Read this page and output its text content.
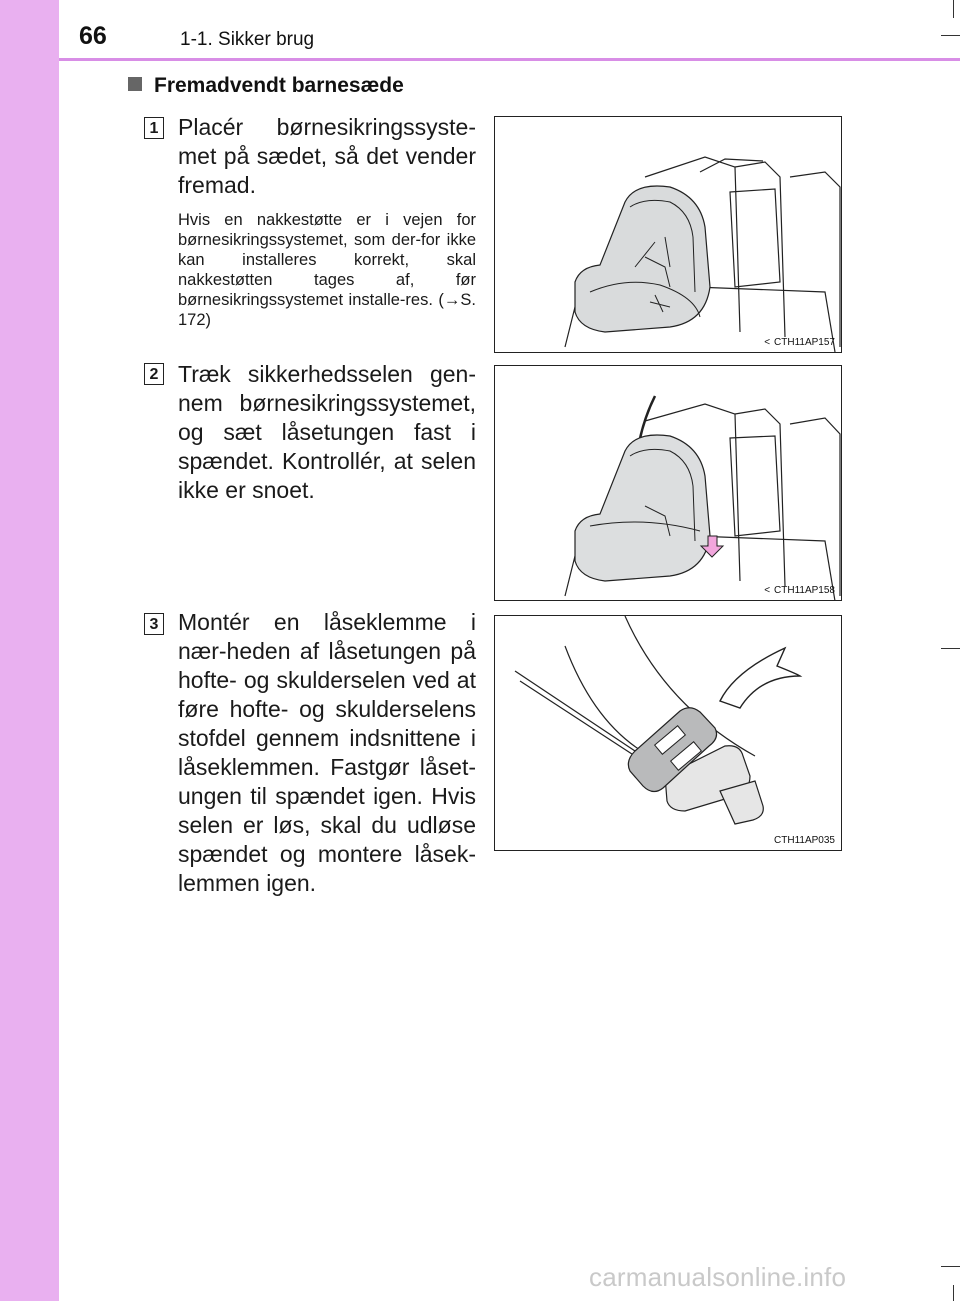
66	1-1. Sikker brug
Fremadvendt barnesæde
1 Placér børnesikringssyste-met på sædet, så det vender fremad.
Hvis en nakkestøtte er i vejen for børnesikringssystemet, som der-for ikke kan installeres korrekt, skal nakkestøtten tages af, før børnesikringssystemet installe-res. (→S. 172)
< CTH11AP157
2 Træk sikkerhedsselen gen-nem børnesikringssystemet, og sæt låsetungen fast i spændet. Kontrollér, at selen ikke er snoet.
< CTH11AP158
3 Montér en låseklemme i nær-heden af låsetungen på hofte- og skulderselen ved at føre hofte- og skulderselens stofdel gennem indsnittene i låseklemmen. Fastgør låset-ungen til spændet igen. Hvis selen er løs, skal du udløse spændet og montere låsek-lemmen igen.
CTH11AP035
carmanualsonline.info
